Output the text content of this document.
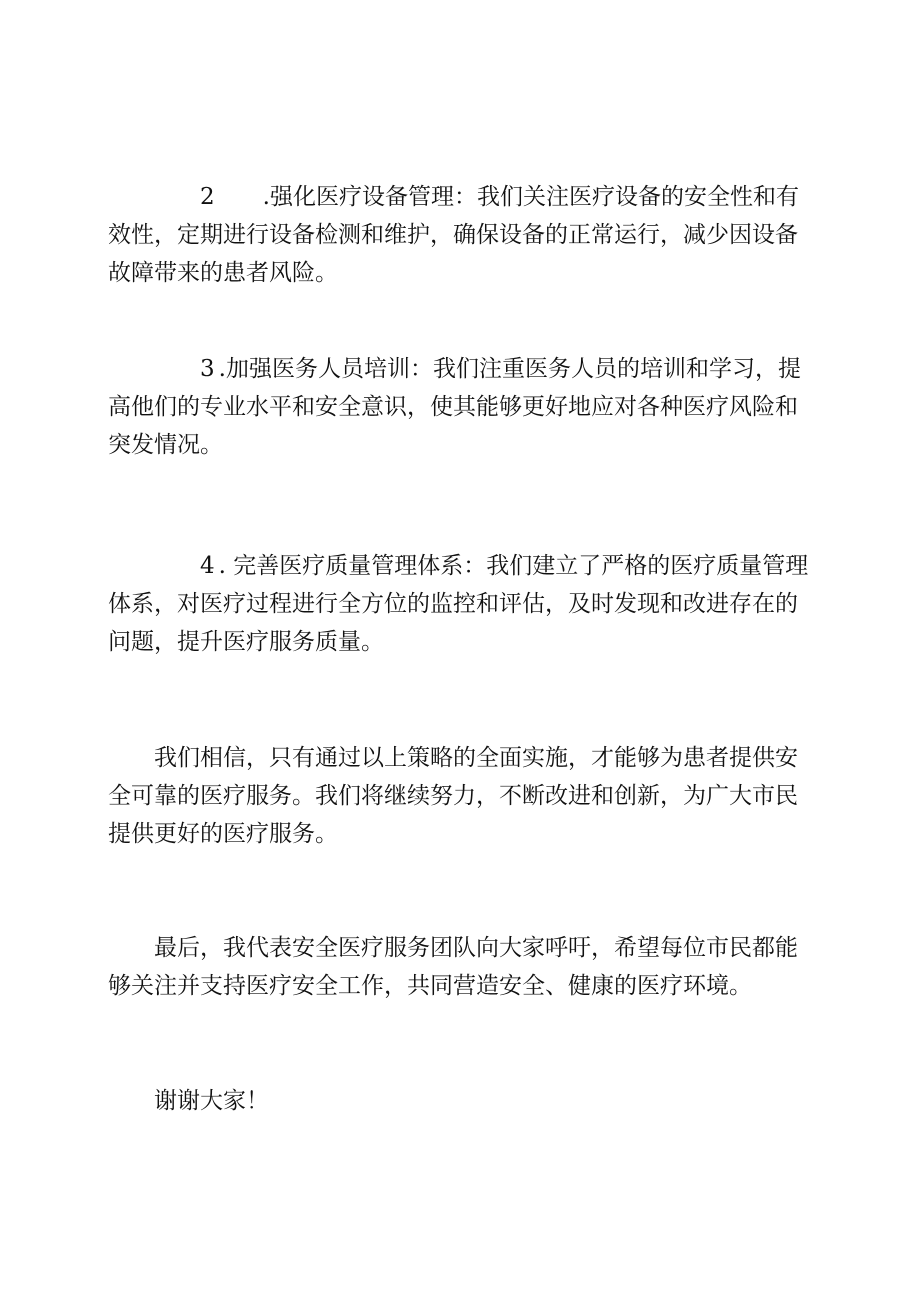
2 .强化医疗设备管理：我们关注医疗设备的安全性和有效性，定期进行设备检测和维护，确保设备的正常运行，减少因设备故障带来的患者风险。

3 .加强医务人员培训：我们注重医务人员的培训和学习，提高他们的专业水平和安全意识，使其能够更好地应对各种医疗风险和突发情况。

4 . 完善医疗质量管理体系：我们建立了严格的医疗质量管理体系，对医疗过程进行全方位的监控和评估，及时发现和改进存在的问题，提升医疗服务质量。

我们相信，只有通过以上策略的全面实施，才能够为患者提供安全可靠的医疗服务。我们将继续努力，不断改进和创新，为广大市民提供更好的医疗服务。

最后，我代表安全医疗服务团队向大家呼吁，希望每位市民都能够关注并支持医疗安全工作，共同营造安全、健康的医疗环境。

谢谢大家！
